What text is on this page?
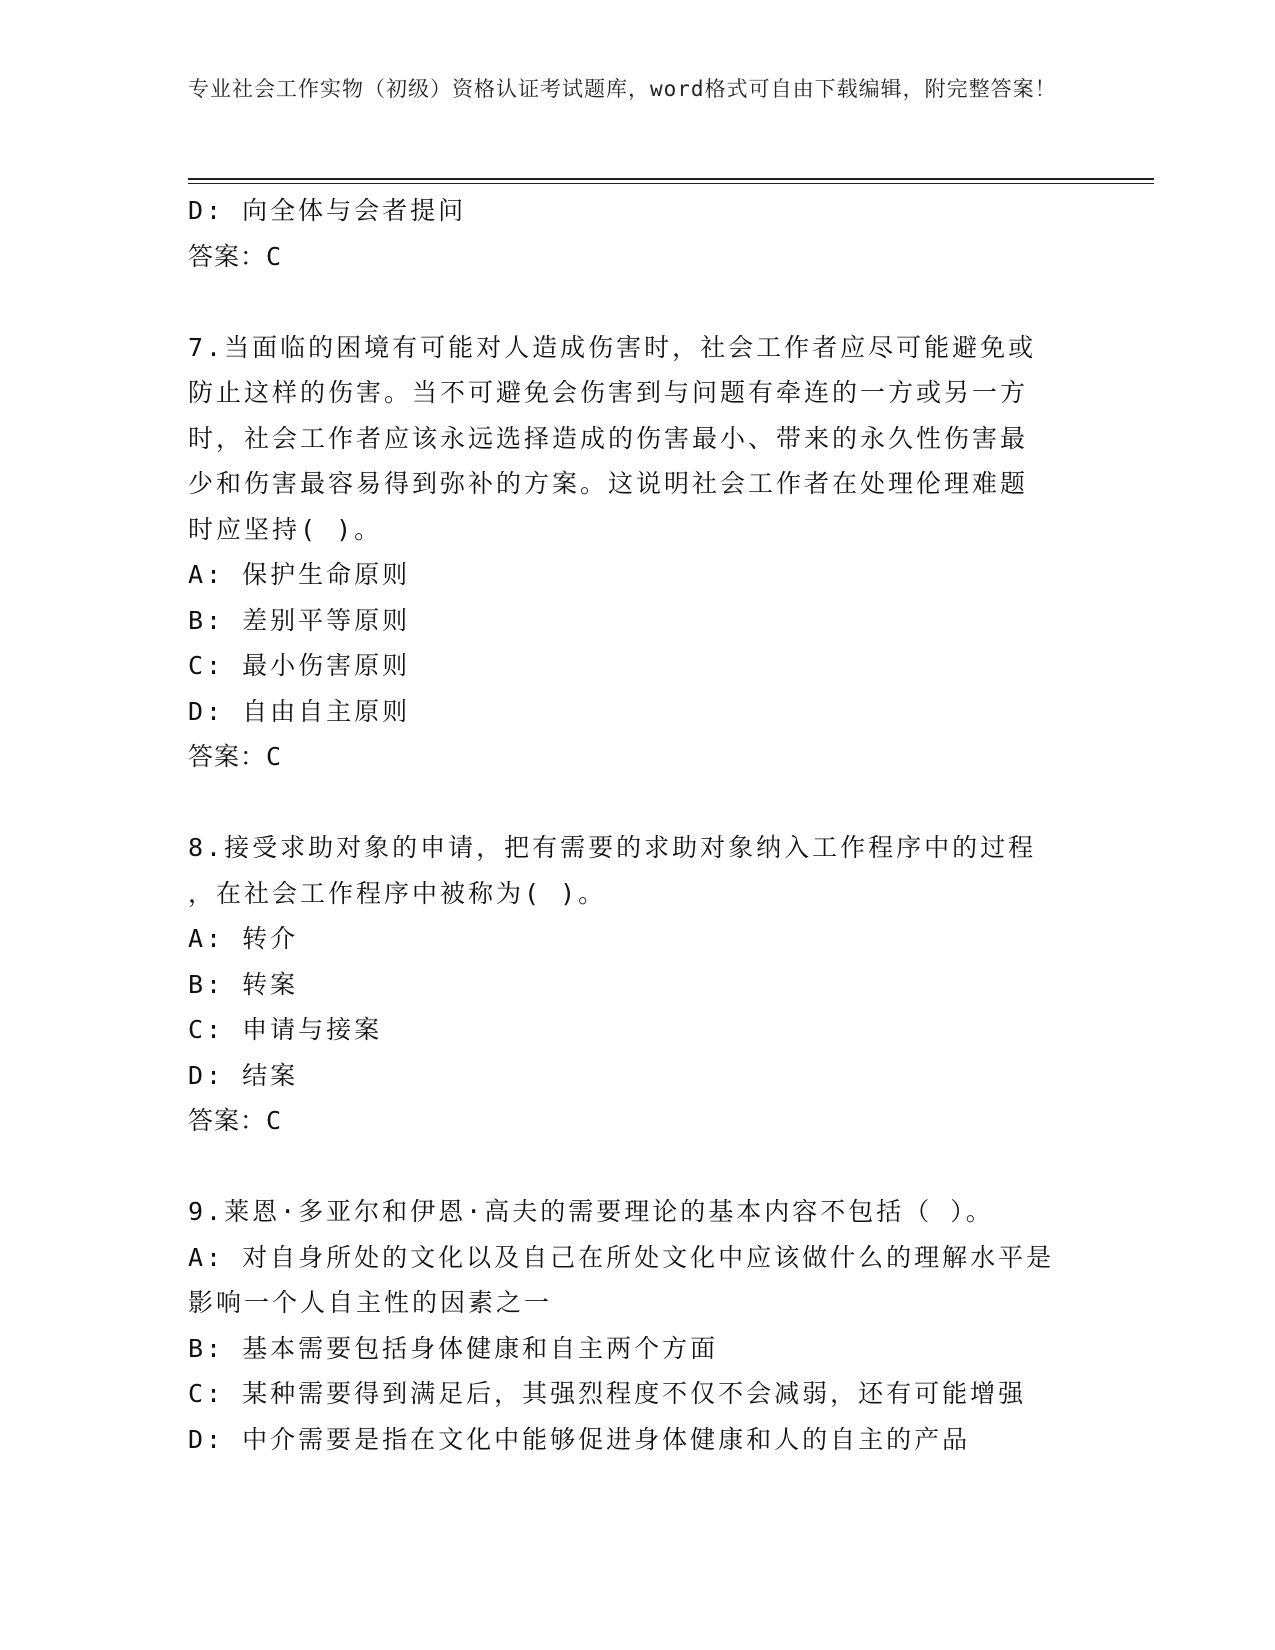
专业社会工作实物（初级）资格认证考试题库，word格式可自由下载编辑，附完整答案！
D: 向全体与会者提问
答案：C
7.当面临的困境有可能对人造成伤害时，社会工作者应尽可能避免或
防止这样的伤害。当不可避免会伤害到与问题有牵连的一方或另一方
时，社会工作者应该永远选择造成的伤害最小、带来的永久性伤害最
少和伤害最容易得到弥补的方案。这说明社会工作者在处理伦理难题
时应坚持( )。
A: 保护生命原则
B: 差别平等原则
C: 最小伤害原则
D: 自由自主原则
答案：C
8.接受求助对象的申请，把有需要的求助对象纳入工作程序中的过程
，在社会工作程序中被称为( )。
A: 转介
B: 转案
C: 申请与接案
D: 结案
答案：C
9.莱恩·多亚尔和伊恩·高夫的需要理论的基本内容不包括（ ）。
A: 对自身所处的文化以及自己在所处文化中应该做什么的理解水平是
影响一个人自主性的因素之一
B: 基本需要包括身体健康和自主两个方面
C: 某种需要得到满足后，其强烈程度不仅不会减弱，还有可能增强
D: 中介需要是指在文化中能够促进身体健康和人的自主的产品
